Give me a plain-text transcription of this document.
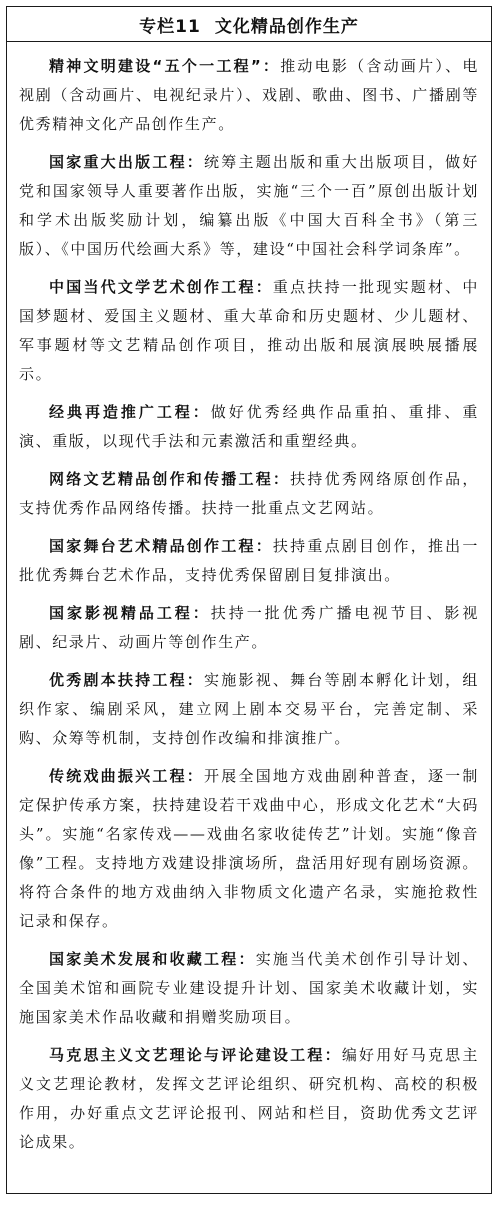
专栏11 文化精品创作生产

精神文明建设“五个一工程”：推动电影（含动画片）、电视剧（含动画片、电视纪录片）、戏剧、歌曲、图书、广播剧等优秀精神文化产品创作生产。

国家重大出版工程：统筹主题出版和重大出版项目，做好党和国家领导人重要著作出版，实施“三个一百”原创出版计划和学术出版奖励计划，编纂出版《中国大百科全书》（第三版）、《中国历代绘画大系》等，建设“中国社会科学词条库”。

中国当代文学艺术创作工程：重点扶持一批现实题材、中国梦题材、爱国主义题材、重大革命和历史题材、少儿题材、军事题材等文艺精品创作项目，推动出版和展演展映展播展示。

经典再造推广工程：做好优秀经典作品重拍、重排、重演、重版，以现代手法和元素激活和重塑经典。

网络文艺精品创作和传播工程：扶持优秀网络原创作品，支持优秀作品网络传播。扶持一批重点文艺网站。

国家舞台艺术精品创作工程：扶持重点剧目创作，推出一批优秀舞台艺术作品，支持优秀保留剧目复排演出。

国家影视精品工程：扶持一批优秀广播电视节目、影视剧、纪录片、动画片等创作生产。

优秀剧本扶持工程：实施影视、舞台等剧本孵化计划，组织作家、编剧采风，建立网上剧本交易平台，完善定制、采购、众筹等机制，支持创作改编和排演推广。

传统戏曲振兴工程：开展全国地方戏曲剧种普查，逐一制定保护传承方案，扶持建设若干戏曲中心，形成文化艺术“大码头”。实施“名家传戏——戏曲名家收徒传艺”计划。实施“像音像”工程。支持地方戏建设排演场所，盘活用好现有剧场资源。将符合条件的地方戏曲纳入非物质文化遗产名录，实施抢救性记录和保存。

国家美术发展和收藏工程：实施当代美术创作引导计划、全国美术馆和画院专业建设提升计划、国家美术收藏计划，实施国家美术作品收藏和捐赠奖励项目。

马克思主义文艺理论与评论建设工程：编好用好马克思主义文艺理论教材，发挥文艺评论组织、研究机构、高校的积极作用，办好重点文艺评论报刊、网站和栏目，资助优秀文艺评论成果。
